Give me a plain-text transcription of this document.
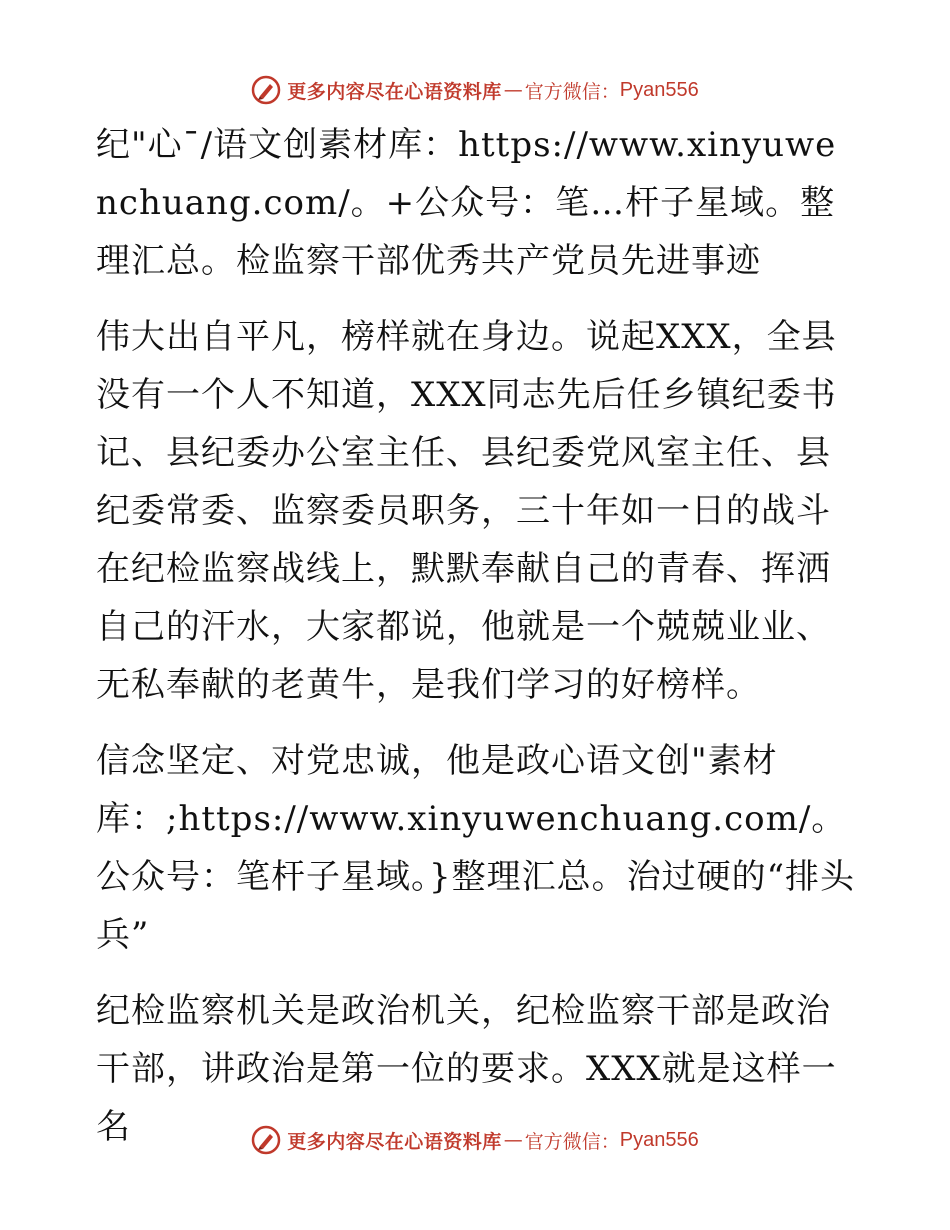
更多内容尽在心语资料库 — 官方微信： Pyan556

纪"心¯/语文创素材库：https://www.xinyuwenchuang.com/。+公众号：笔…杆子星域。整理汇总。检监察干部优秀共产党员先进事迹

伟大出自平凡，榜样就在身边。说起XXX，全县没有一个人不知道，XXX同志先后任乡镇纪委书记、县纪委办公室主任、县纪委党风室主任、县纪委常委、监察委员职务，三十年如一日的战斗在纪检监察战线上，默默奉献自己的青春、挥洒自己的汗水，大家都说，他就是一个兢兢业业、无私奉献的老黄牛，是我们学习的好榜样。

信念坚定、对党忠诚，他是政心语文创"素材库：;https://www.xinyuwenchuang.com/。公众号：笔杆子星域。}整理汇总。治过硬的“排头兵”

纪检监察机关是政治机关，纪检监察干部是政治干部，讲政治是第一位的要求。XXX就是这样一名	更多内容尽在心语资料库 — 官方微信： Pyan556
